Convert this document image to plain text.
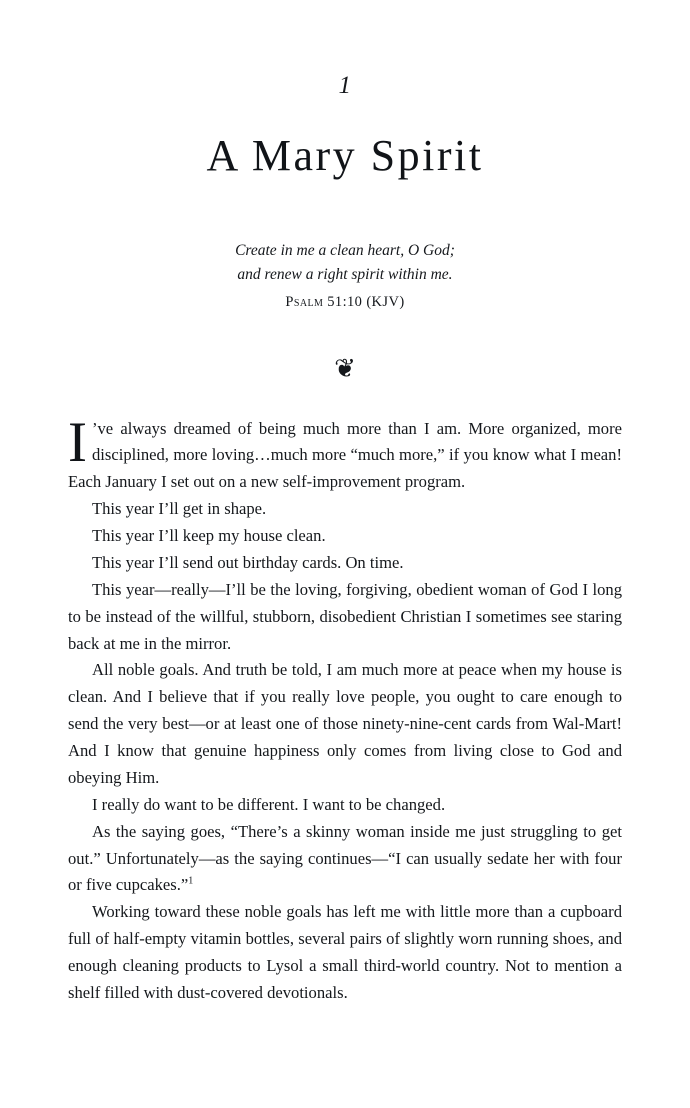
1
A Mary Spirit
Create in me a clean heart, O God;
and renew a right spirit within me.
Psalm 51:10 (KJV)
❦

I ’ve always dreamed of being much more than I am. More organized, more disciplined, more loving…much more “much more,” if you know what I mean! Each January I set out on a new self-improvement program.

This year I’ll get in shape.

This year I’ll keep my house clean.

This year I’ll send out birthday cards. On time.

This year—really—I’ll be the loving, forgiving, obedient woman of God I long to be instead of the willful, stubborn, disobedient Christian I sometimes see staring back at me in the mirror.

All noble goals. And truth be told, I am much more at peace when my house is clean. And I believe that if you really love people, you ought to care enough to send the very best—or at least one of those ninety-nine-cent cards from Wal-Mart! And I know that genuine happiness only comes from living close to God and obeying Him.

I really do want to be different. I want to be changed.

As the saying goes, “There’s a skinny woman inside me just struggling to get out.” Unfortunately—as the saying continues—“I can usually sedate her with four or five cupcakes.”$^1$

Working toward these noble goals has left me with little more than a cupboard full of half-empty vitamin bottles, several pairs of slightly worn running shoes, and enough cleaning products to Lysol a small third-world country. Not to mention a shelf filled with dust-covered devotionals.
